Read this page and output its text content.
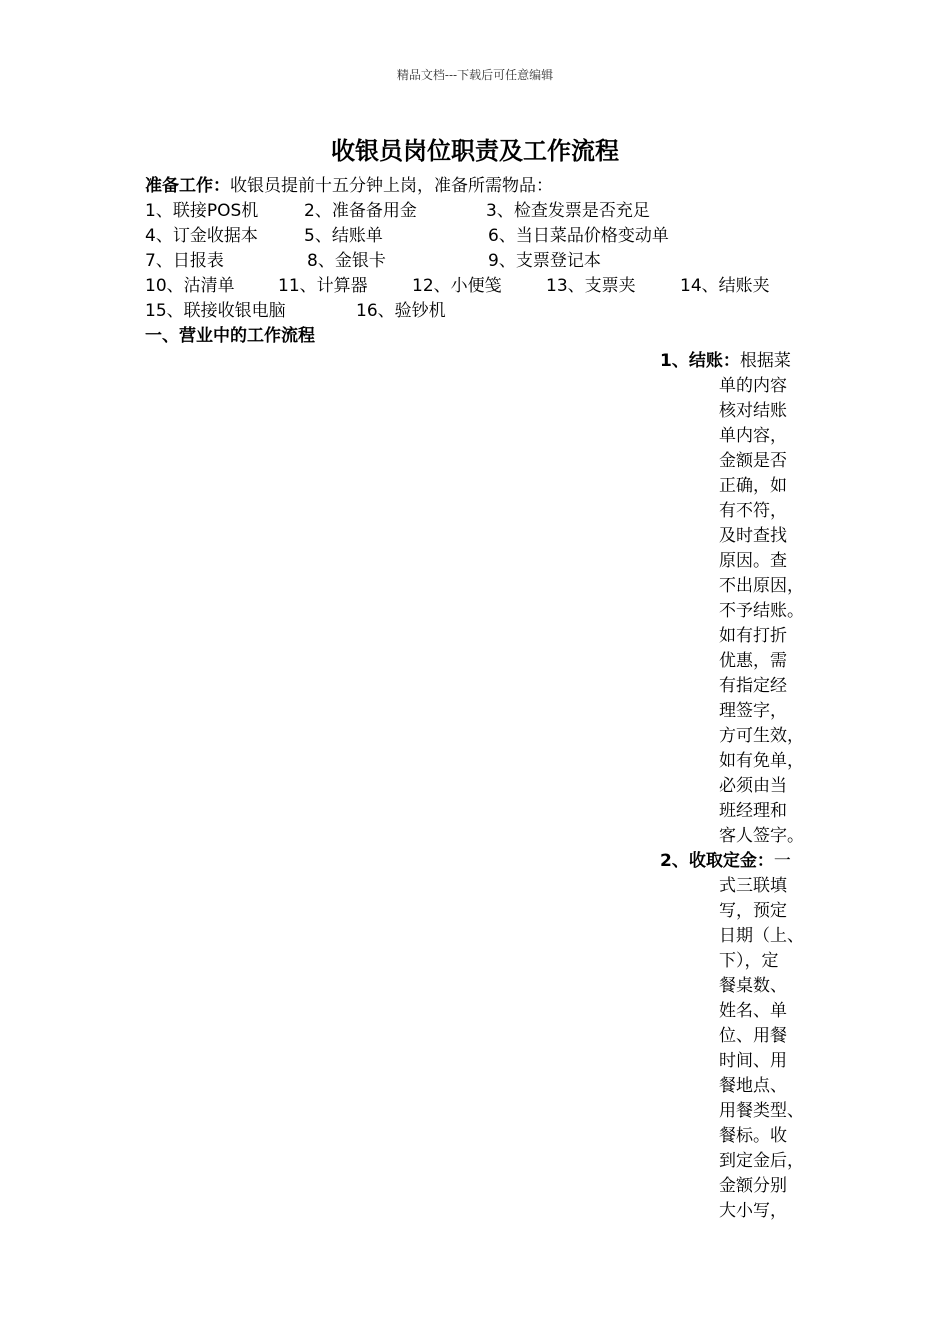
精品文档---下载后可任意编辑
收银员岗位职责及工作流程
准备工作：收银员提前十五分钟上岗，准备所需物品：
1、联接POS机	2、准备备用金	3、检查发票是否充足
4、订金收据本	5、结账单	6、当日菜品价格变动单
7、日报表	8、金银卡	9、支票登记本
10、沽清单	11、计算器	12、小便笺	13、支票夹	14、结账夹
15、联接收银电脑	16、验钞机
一、营业中的工作流程
1、结账：根据菜
单的内容
核对结账
单内容，
金额是否
正确，如
有不符，
及时查找
原因。查
不出原因，
不予结账。
如有打折
优惠，需
有指定经
理签字，
方可生效，
如有免单，
必须由当
班经理和
客人签字。
2、收取定金：一
式三联填
写，预定
日期（上、
下），定
餐桌数、
姓名、单
位、用餐
时间、用
餐地点、
用餐类型、
餐标。收
到定金后，
金额分别
大小写，
